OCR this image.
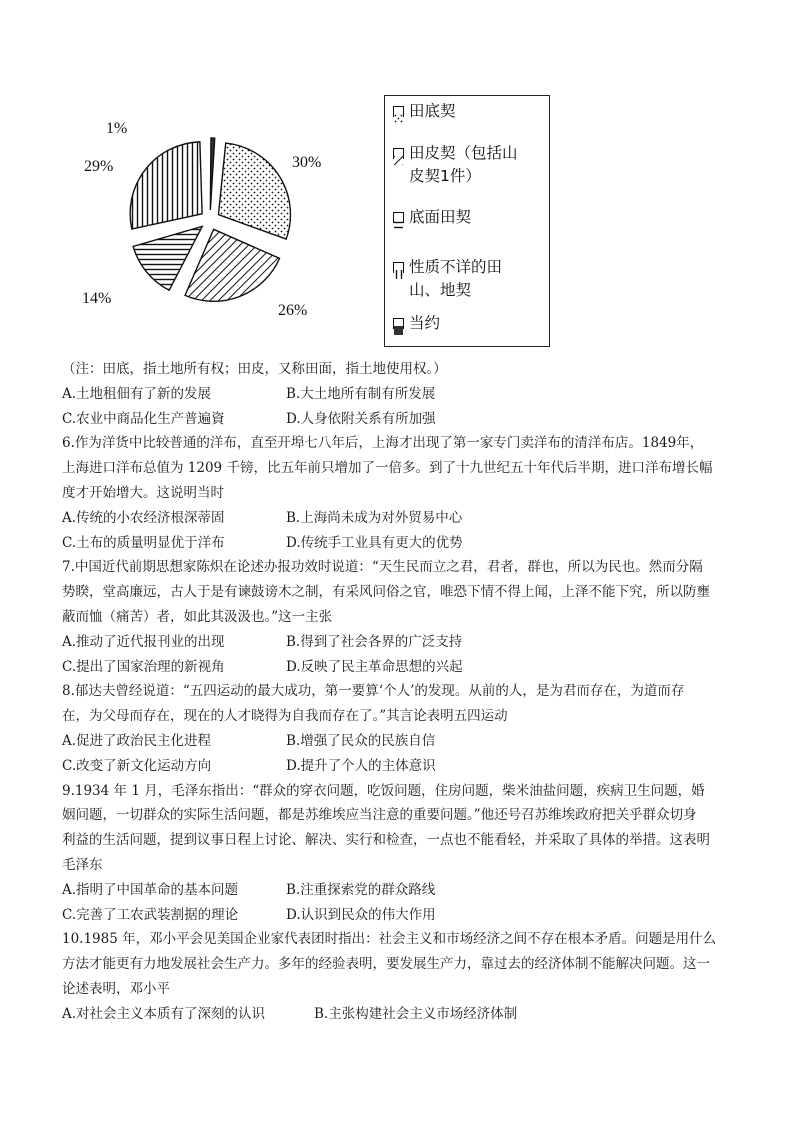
1%
30%
29%
14%
26%
田底契
田皮契（包括山
皮契1件）
底面田契
性质不详的田
山、地契
当约
（注：田底，指土地所有权；田皮，又称田面，指土地使用权。）
A.土地租佃有了新的发展	B.大土地所有制有所发展
C.农业中商品化生产普遍資	D.人身依附关系有所加强
6.作为洋货中比较普通的洋布，直至开埠七八年后，上海才出现了第一家专门卖洋布的清洋布店。1849年，
上海进口洋布总值为 1209 千镑，比五年前只增加了一倍多。到了十九世纪五十年代后半期，进口洋布增长幅
度才开始增大。这说明当时
A.传统的小农经济根深蒂固	B.上海尚未成为对外贸易中心
C.土布的质量明显优于洋布	D.传统手工业具有更大的优势
7.中国近代前期思想家陈炽在论述办报功效时说道：“天生民而立之君，君者，群也，所以为民也。然而分隔
势睽，堂高廉远，古人于是有谏鼓谤木之制，有采风问俗之官，唯恐下情不得上闻，上泽不能下究，所以防壅
蔽而恤（痛苦）者，如此其汲汲也。”这一主张
A.推动了近代报刊业的出现	B.得到了社会各界的广泛支持
C.提出了国家治理的新视角	D.反映了民主革命思想的兴起
8.郁达夫曾经说道：“五四运动的最大成功，第一要算‘个人’的发现。从前的人，是为君而存在，为道而存
在，为父母而存在，现在的人才晓得为自我而存在了。”其言论表明五四运动
A.促进了政治民主化进程	B.增强了民众的民族自信
C.改变了新文化运动方向	D.提升了个人的主体意识
9.1934 年 1 月，毛泽东指出：“群众的穿衣问题，吃饭问题，住房问题，柴米油盐问题，疾病卫生问题，婚
姻问题，一切群众的实际生活问题，都是苏维埃应当注意的重要问题。”他还号召苏维埃政府把关乎群众切身
利益的生活问题，提到议事日程上讨论、解决、实行和检查，一点也不能看轻，并采取了具体的举措。这表明
毛泽东
A.指明了中国革命的基本问题	B.注重探索党的群众路线
C.完善了工农武装割据的理论	D.认识到民众的伟大作用
10.1985 年，邓小平会见美国企业家代表团时指出：社会主义和市场经济之间不存在根本矛盾。问题是用什么
方法才能更有力地发展社会生产力。多年的经验表明，要发展生产力，靠过去的经济体制不能解决问题。这一
论述表明，邓小平
A.对社会主义本质有了深刻的认识	B.主张构建社会主义市场经济体制
